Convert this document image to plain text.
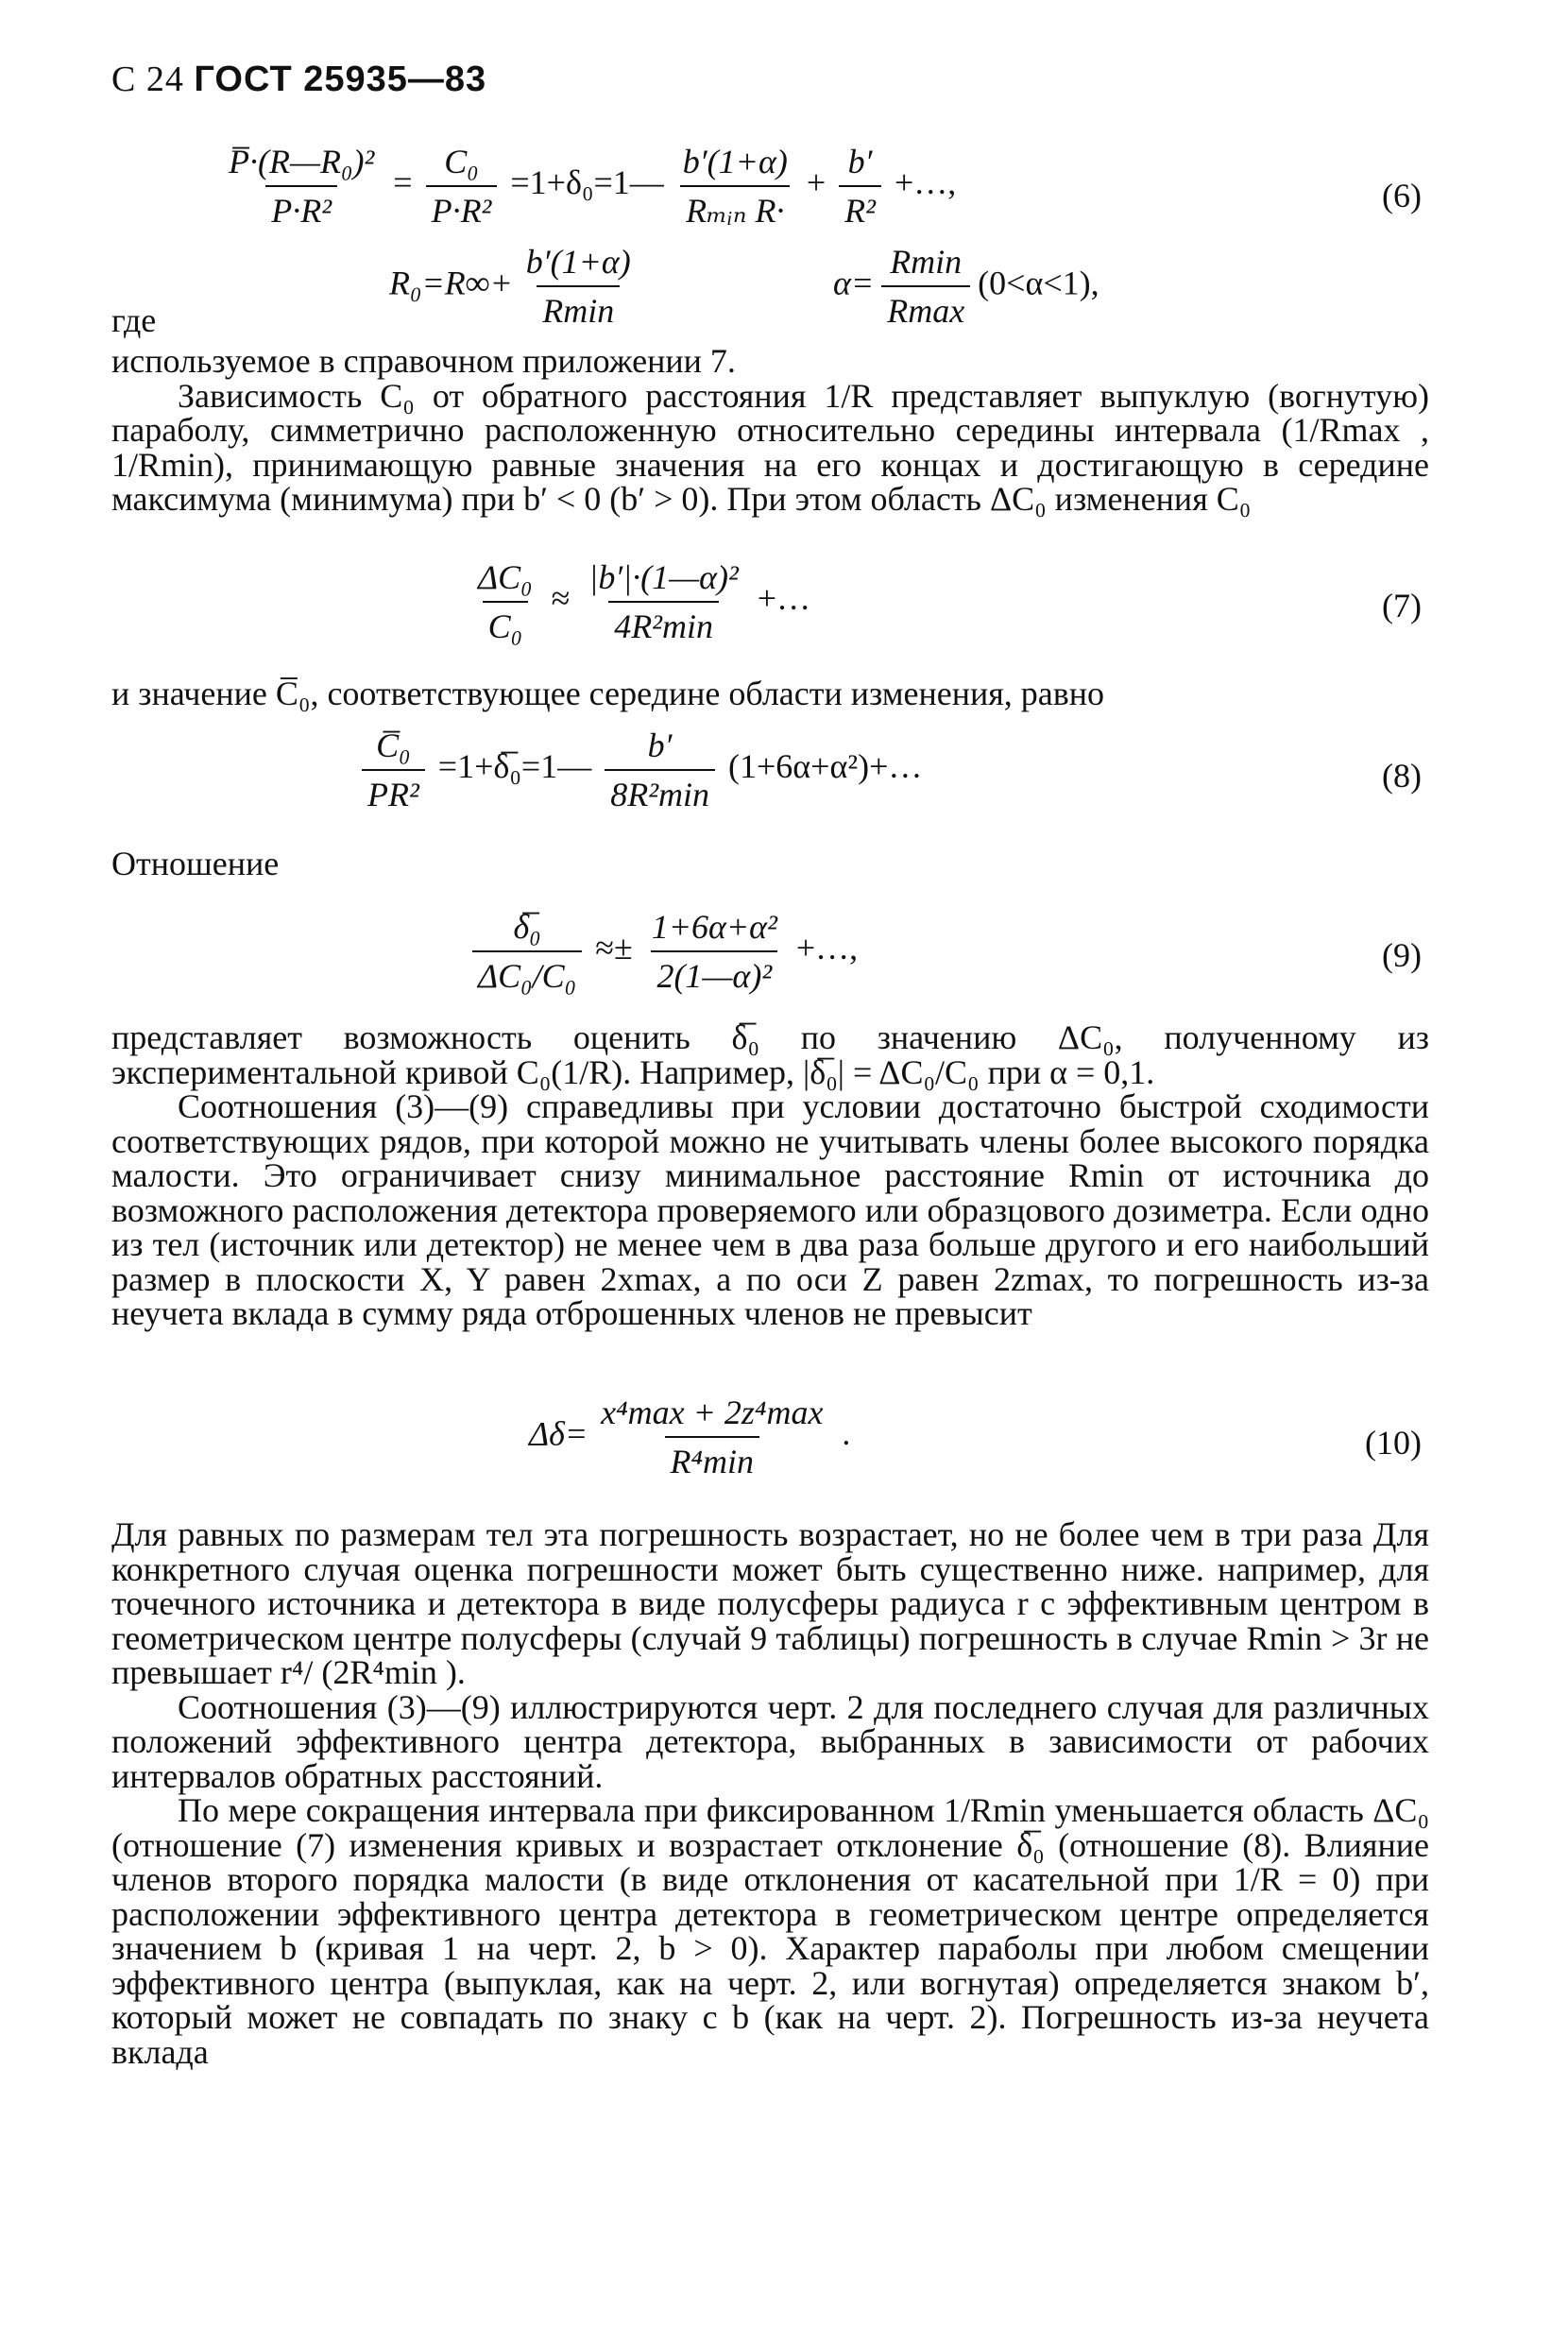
С 24 ГОСТ 25935—83
$\frac{\text{P̅·(R—R₀)²}}{\text{P·R²}} = \frac{\text{C₀}}{\text{P·R²}}$ =1+δ₀=1— $\frac{b'(1+\alpha)}{\text{Rₘᵢₙ R·}} + \frac{b'}{\text{R²}}$ +…,	(6)
где
$R_0=R\infty+ \frac{b'(1+\alpha)}{Rmin}$	$\alpha= \frac{Rmin}{Rmax} (0<\alpha<1)$,

используемое в справочном приложении 7.

Зависимость C₀ от обратного расстояния 1/R представляет выпуклую (вогнутую) параболу, симметрично расположенную относительно середины интервала (1/Rmax , 1/Rmin), принимающую равные значения на его концах и достигающую в середине максимума (минимума) при b′ < 0 (b′ > 0). При этом область ΔC₀ изменения C₀

$\frac{\text{ΔC₀}}{\text{C₀}} \approx \frac{\text{|b′|·(1—α)²}}{\text{4R²min}}$ +…	(7)

и значение C̅₀, соответствующее середине области изменения, равно

$\frac{\text{C̅₀}}{\text{PR²}}$ =1+δ̅₀=1— $\frac{b'}{\text{8R²min}}$ (1+6α+α²)+…	(8)

Отношение

$\frac{\text{δ̅₀}}{\text{ΔC₀/C₀}} \approx\pm \frac{\text{1+6α+α²}}{\text{2(1—α)²}}$ +…,	(9)

представляет возможность оценить δ̅₀ по значению ΔC₀, полученному из экспериментальной кривой C₀(1/R). Например, |δ̅₀| = ΔC₀/C₀ при α = 0,1.

Соотношения (3)—(9) справедливы при условии достаточно быстрой сходимости соответствующих рядов, при которой можно не учитывать члены более высокого порядка малости. Это ограничивает снизу минимальное расстояние Rmin от источника до возможного расположения детектора проверяемого или образцового дозиметра. Если одно из тел (источник или детектор) не менее чем в два раза больше другого и его наибольший размер в плоскости X, Y равен 2xmax, а по оси Z равен 2zmax, то погрешность из-за неучета вклада в сумму ряда отброшенных членов не превысит

$\Delta\delta= \frac{\text{x⁴max + 2z⁴max}}{\text{R⁴min}}$ .	(10)

Для равных по размерам тел эта погрешность возрастает, но не более чем в три раза Для конкретного случая оценка погрешности может быть существенно ниже. например, для точечного источника и детектора в виде полусферы радиуса r с эффективным центром в геометрическом центре полусферы (случай 9 таблицы) погрешность в случае Rmin > 3r не превышает r⁴/ (2R⁴min ).

Соотношения (3)—(9) иллюстрируются черт. 2 для последнего случая для различных положений эффективного центра детектора, выбранных в зависимости от рабочих интервалов обратных расстояний.

По мере сокращения интервала при фиксированном 1/Rmin уменьшается область ΔC₀ (отношение (7) изменения кривых и возрастает отклонение δ̅₀ (отношение (8). Влияние членов второго порядка малости (в виде отклонения от касательной при 1/R = 0) при расположении эффективного центра детектора в геометрическом центре определяется значением b (кривая 1 на черт. 2, b > 0). Характер параболы при любом смещении эффективного центра (выпуклая, как на черт. 2, или вогнутая) определяется знаком b′, который может не совпадать по знаку с b (как на черт. 2). Погрешность из-за неучета вклада
